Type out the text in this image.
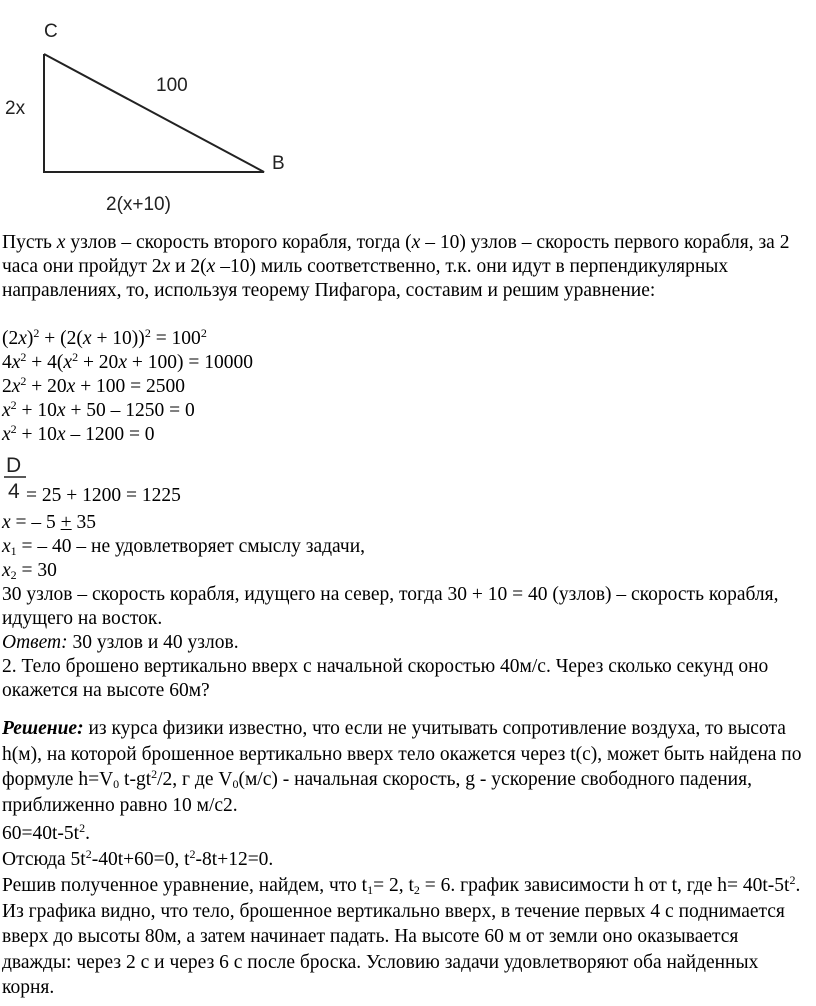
C
B
100
2x
2(x+10)

Пусть x узлов – скорость второго корабля, тогда (x – 10) узлов – скорость первого корабля, за 2 часа они пройдут 2x и 2(x –10) миль соответственно, т.к. они идут в перпендикулярных направлениях, то, используя теорему Пифагора, составим и решим уравнение:

$(2x)^2 + (2(x + 10))^2 = 100^2$
$4x^2 + 4(x^2 + 20x + 100) = 10000$
$2x^2 + 20x + 100 = 2500$
$x^2 + 10x + 50 - 1250 = 0$
$x^2 + 10x - 1200 = 0$
D
4 = 25 + 1200 = 1225
x = – 5 + 35
$x_1$ = – 40 – не удовлетворяет смыслу задачи,
$x_2 = 30$

30 узлов – скорость корабля, идущего на север, тогда 30 + 10 = 40 (узлов) – скорость корабля, идущего на восток.

Ответ: 30 узлов и 40 узлов.

2. Тело брошено вертикально вверх с начальной скоростью 40м/с. Через сколько секунд оно окажется на высоте 60м?

Решение: из курса физики известно, что если не учитывать сопротивление воздуха, то высота h(м), на которой брошенное вертикально вверх тело окажется через t(с), может быть найдена по формуле $h=V_0$ $t-gt^2/2$, г де $V_0(м/с)$ - начальная скорость, g - ускорение свободного падения, приближенно равно 10 м/с2.

$60=40t-5t^2$.
Отсюда $5t^2-40t+60=0$, $t^2-8t+12=0$.

Решив полученное уравнение, найдем, что $t_1= 2$, $t_2 = 6$. график зависимости h от t, где $h= 40t-5t^2$. Из графика видно, что тело, брошенное вертикально вверх, в течение первых 4 с поднимается вверх до высоты 80м, а затем начинает падать. На высоте 60 м от земли оно оказывается дважды: через 2 с и через 6 с после броска. Условию задачи удовлетворяют оба найденных корня.
